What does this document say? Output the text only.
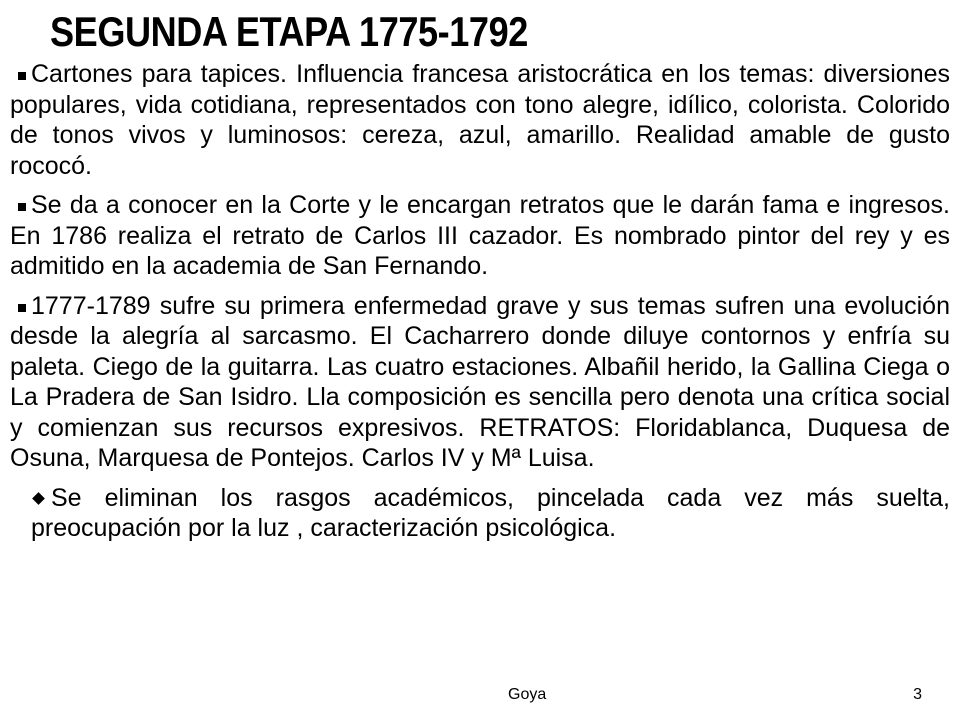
SEGUNDA ETAPA 1775-1792

Cartones para tapices. Influencia francesa aristocrática en los temas: diversiones populares, vida cotidiana, representados con tono alegre, idílico, colorista. Colorido de tonos vivos y luminosos: cereza, azul, amarillo. Realidad amable de gusto rococó.

Se da a conocer en la Corte y le encargan retratos que le darán fama e ingresos. En 1786 realiza el retrato de Carlos III cazador. Es nombrado pintor del rey y es admitido en la academia de San Fernando.

1777-1789 sufre su primera enfermedad grave y sus temas sufren una evolución desde la alegría al sarcasmo. El Cacharrero donde diluye contornos y enfría su paleta. Ciego de la guitarra. Las cuatro estaciones. Albañil herido, la Gallina Ciega o La Pradera de San Isidro. Lla composición es sencilla pero denota una crítica social y comienzan sus recursos expresivos. RETRATOS: Floridablanca, Duquesa de Osuna, Marquesa de Pontejos. Carlos IV y Mª Luisa.

Se eliminan los rasgos académicos, pincelada cada vez más suelta, preocupación por la luz , caracterización psicológica.

Goya	3
